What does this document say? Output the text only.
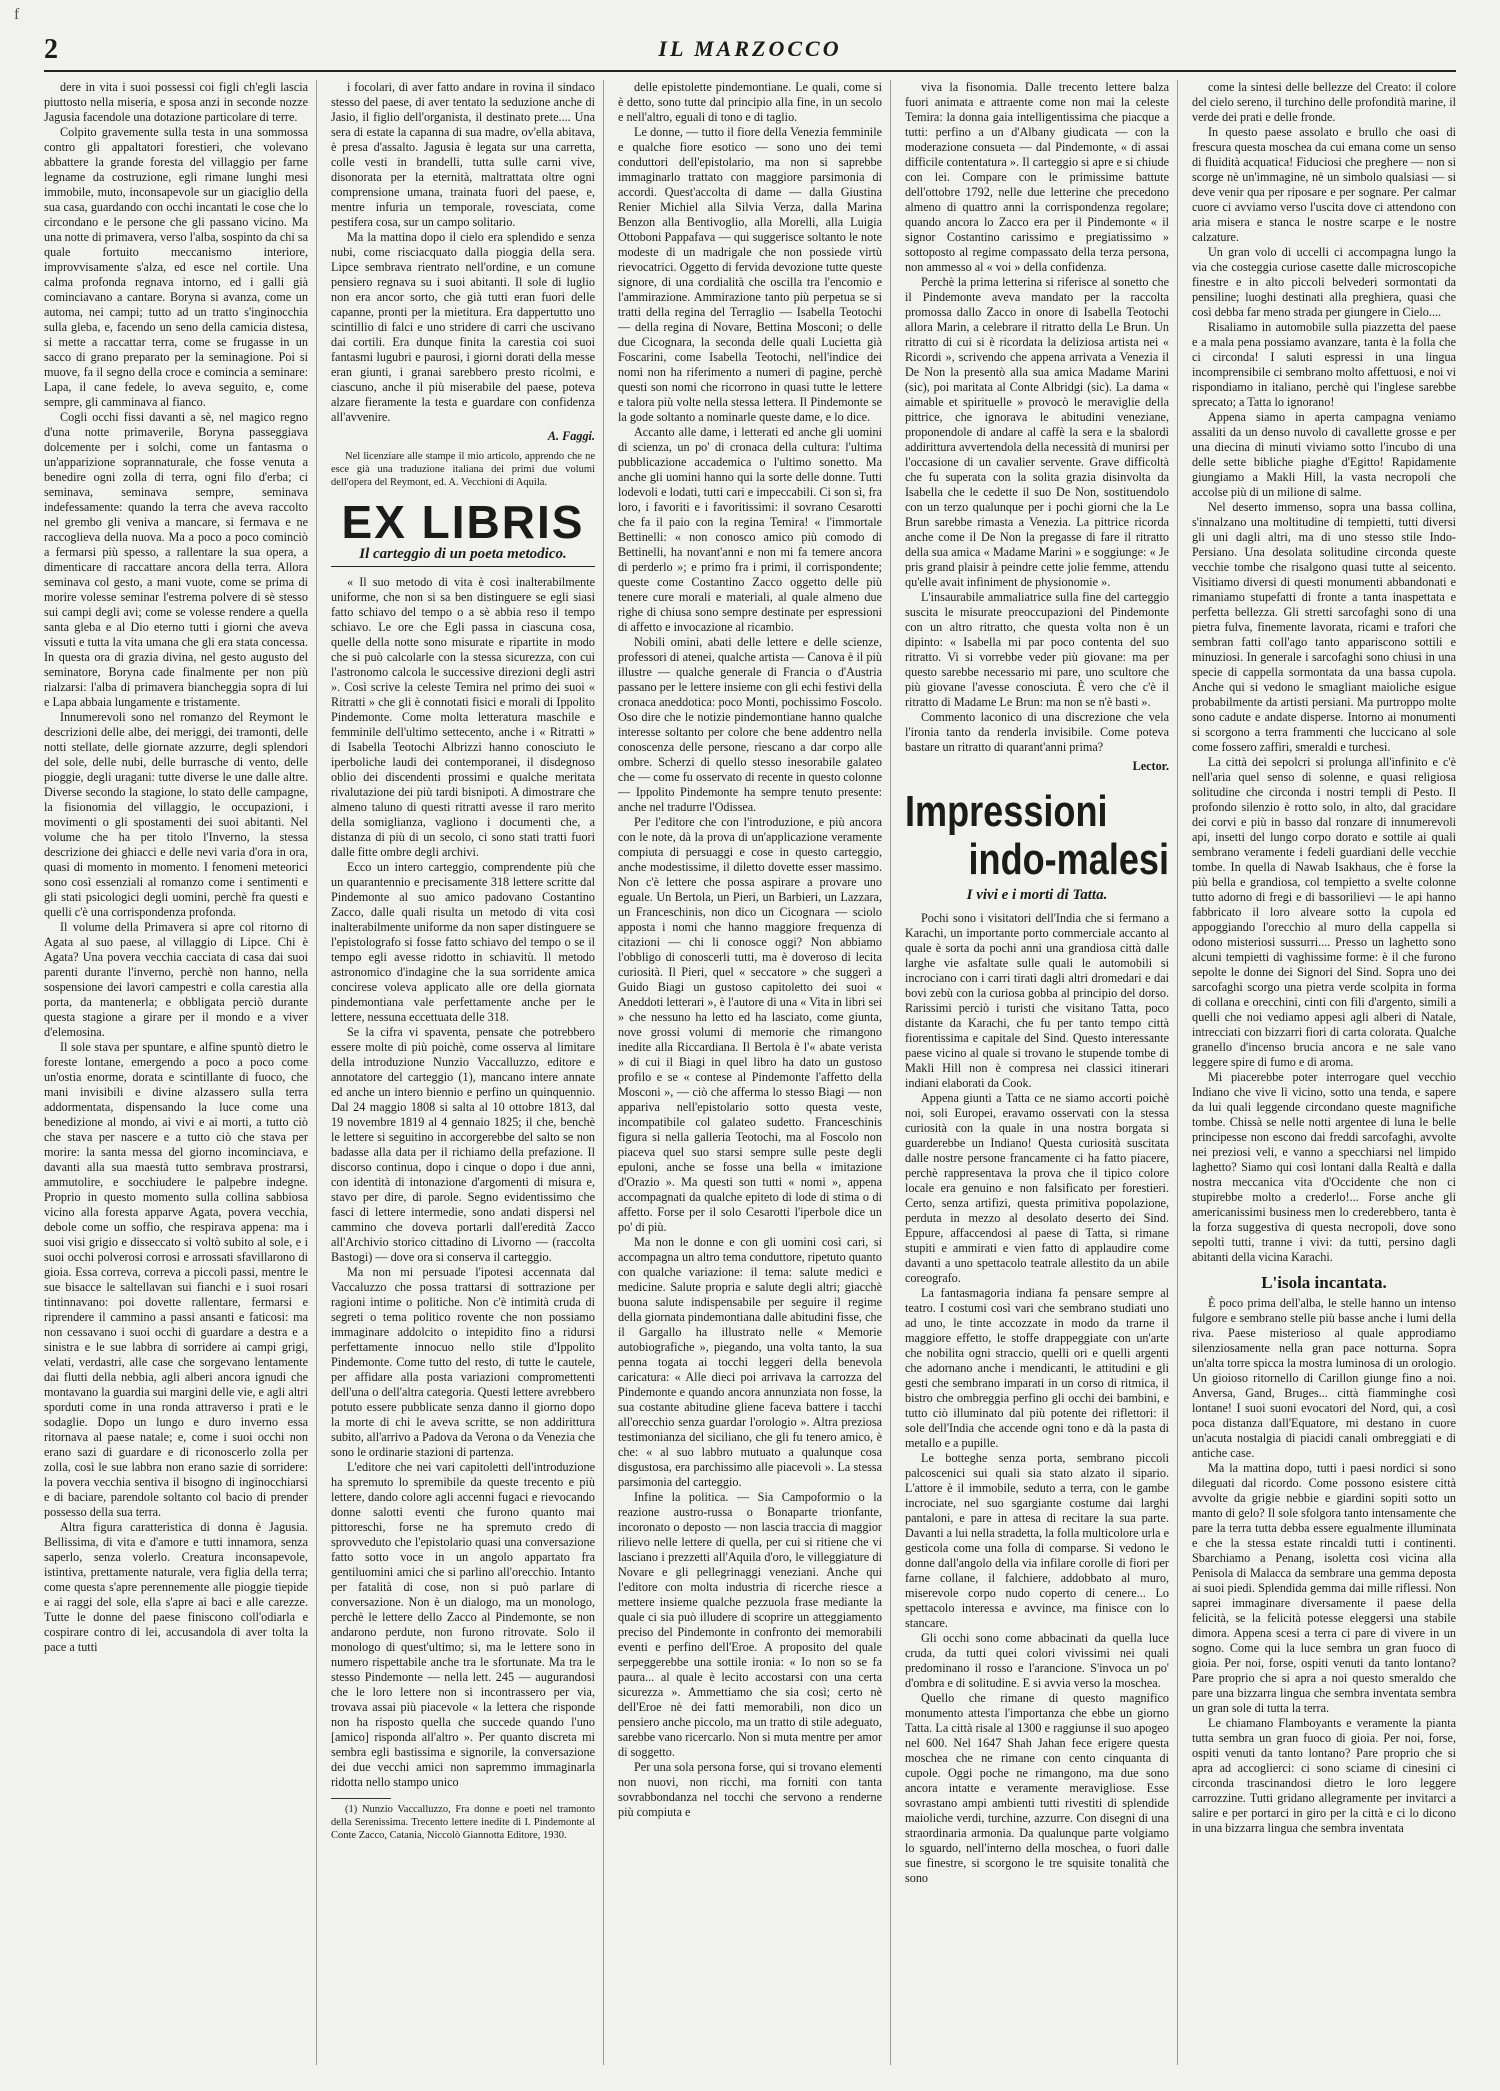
f
2	IL MARZOCCO

dere in vita i suoi possessi coi figli ch'egli lascia piuttosto nella miseria, e sposa anzi in seconde nozze Jagusia facendole una dotazione particolare di terre.

Colpito gravemente sulla testa in una sommossa contro gli appaltatori forestieri, che volevano abbattere la grande foresta del villaggio per farne legname da costruzione, egli rimane lunghi mesi immobile, muto, inconsapevole sur un giaciglio della sua casa, guardando con occhi incantati le cose che lo circondano e le persone che gli passano vicino. Ma una notte di primavera, verso l'alba, sospinto da chi sa quale fortuito meccanismo interiore, improvvisamente s'alza, ed esce nel cortile. Una calma profonda regnava intorno, ed i galli già cominciavano a cantare. Boryna si avanza, come un automa, nei campi; tutto ad un tratto s'inginocchia sulla gleba, e, facendo un seno della camicia distesa, si mette a raccattar terra, come se frugasse in un sacco di grano preparato per la seminagione. Poi si muove, fa il segno della croce e comincia a seminare: Lapa, il cane fedele, lo aveva seguito, e, come sempre, gli camminava al fianco.

Cogli occhi fissi davanti a sè, nel magico regno d'una notte primaverile, Boryna passeggiava dolcemente per i solchi, come un fantasma o un'apparizione soprannaturale, che fosse venuta a benedire ogni zolla di terra, ogni filo d'erba; ci seminava, seminava sempre, seminava indefessamente: quando la terra che aveva raccolto nel grembo gli veniva a mancare, si fermava e ne raccoglieva della nuova. Ma a poco a poco cominciò a fermarsi più spesso, a rallentare la sua opera, a dimenticare di raccattare ancora della terra. Allora seminava col gesto, a mani vuote, come se prima di morire volesse seminar l'estrema polvere di sè stesso sui campi degli avi; come se volesse rendere a quella santa gleba e al Dio eterno tutti i giorni che aveva vissuti e tutta la vita umana che gli era stata concessa. In questa ora di grazia divina, nel gesto augusto del seminatore, Boryna cade finalmente per non più rialzarsi: l'alba di primavera biancheggia sopra di lui e Lapa abbaia lungamente e tristamente.

Innumerevoli sono nel romanzo del Reymont le descrizioni delle albe, dei meriggi, dei tramonti, delle notti stellate, delle giornate azzurre, degli splendori del sole, delle nubi, delle burrasche di vento, delle pioggie, degli uragani: tutte diverse le une dalle altre. Diverse secondo la stagione, lo stato delle campagne, la fisionomia del villaggio, le occupazioni, i movimenti o gli spostamenti dei suoi abitanti. Nel volume che ha per titolo l'Inverno, la stessa descrizione dei ghiacci e delle nevi varia d'ora in ora, quasi di momento in momento. I fenomeni meteorici sono così essenziali al romanzo come i sentimenti e gli stati psicologici degli uomini, perchè fra questi e quelli c'è una corrispondenza profonda.

Il volume della Primavera si apre col ritorno di Agata al suo paese, al villaggio di Lipce. Chi è Agata? Una povera vecchia cacciata di casa dai suoi parenti durante l'inverno, perchè non hanno, nella sospensione dei lavori campestri e colla carestia alla porta, da mantenerla; e obbligata perciò durante questa stagione a girare per il mondo e a viver d'elemosina.

Il sole stava per spuntare, e alfine spuntò dietro le foreste lontane, emergendo a poco a poco come un'ostia enorme, dorata e scintillante di fuoco, che mani invisibili e divine alzassero sulla terra addormentata, dispensando la luce come una benedizione al mondo, ai vivi e ai morti, a tutto ciò che stava per nascere e a tutto ciò che stava per morire: la santa messa del giorno incominciava, e davanti alla sua maestà tutto sembrava prostrarsi, ammutolire, e socchiudere le palpebre indegne. Proprio in questo momento sulla collina sabbiosa vicino alla foresta apparve Agata, povera vecchia, debole come un soffio, che respirava appena: ma i suoi visi grigio e disseccato si voltò subito al sole, e i suoi occhi polverosi corrosi e arrossati sfavillarono di gioia. Essa correva, correva a piccoli passi, mentre le sue bisacce le saltellavan sui fianchi e i suoi rosari tintinnavano: poi dovette rallentare, fermarsi e riprendere il cammino a passi ansanti e faticosi: ma non cessavano i suoi occhi di guardare a destra e a sinistra e le sue labbra di sorridere ai campi grigi, velati, verdastri, alle case che sorgevano lentamente dai flutti della nebbia, agli alberi ancora ignudi che montavano la guardia sui margini delle vie, e agli altri sporduti come in una ronda attraverso i prati e le sodaglie. Dopo un lungo e duro inverno essa ritornava al paese natale; e, come i suoi occhi non erano sazi di guardare e di riconoscerlo zolla per zolla, così le sue labbra non erano sazie di sorridere: la povera vecchia sentiva il bisogno di inginocchiarsi e di baciare, parendole soltanto col bacio di prender possesso della sua terra.

Altra figura caratteristica di donna è Jagusia. Bellissima, di vita e d'amore e tutti innamora, senza saperlo, senza volerlo. Creatura inconsapevole, istintiva, prettamente naturale, vera figlia della terra; come questa s'apre perennemente alle pioggie tiepide e ai raggi del sole, ella s'apre ai baci e alle carezze. Tutte le donne del paese finiscono coll'odiarla e cospirare contro di lei, accusandola di aver tolta la pace a tutti

i focolari, di aver fatto andare in rovina il sindaco stesso del paese, di aver tentato la seduzione anche di Jasio, il figlio dell'organista, il destinato prete.... Una sera di estate la capanna di sua madre, ov'ella abitava, è presa d'assalto. Jagusia è legata sur una carretta, colle vesti in brandelli, tutta sulle carni vive, disonorata per la eternità, maltrattata oltre ogni comprensione umana, trainata fuori del paese, e, mentre infuria un temporale, rovesciata, come pestifera cosa, sur un campo solitario.

Ma la mattina dopo il cielo era splendido e senza nubi, come risciacquato dalla pioggia della sera. Lipce sembrava rientrato nell'ordine, e un comune pensiero regnava su i suoi abitanti. Il sole di luglio non era ancor sorto, che già tutti eran fuori delle capanne, pronti per la mietitura. Era dappertutto uno scintillio di falci e uno stridere di carri che uscivano dai cortili. Era dunque finita la carestia coi suoi fantasmi lugubri e paurosi, i giorni dorati della messe eran giunti, i granai sarebbero presto ricolmi, e ciascuno, anche il più miserabile del paese, poteva alzare fieramente la testa e guardare con confidenza all'avvenire.

A. Faggi.
Nel licenziare alle stampe il mio articolo, apprendo che ne esce già una traduzione italiana dei primi due volumi dell'opera del Reymont, ed. A. Vecchioni di Aquila.
EX LIBRIS
Il carteggio di un poeta metodico.

« Il suo metodo di vita è così inalterabilmente uniforme, che non si sa ben distinguere se egli siasi fatto schiavo del tempo o a sè abbia reso il tempo schiavo. Le ore che Egli passa in ciascuna cosa, quelle della notte sono misurate e ripartite in modo che si può calcolarle con la stessa sicurezza, con cui l'astronomo calcola le successive direzioni degli astri ». Così scrive la celeste Temira nel primo dei suoi « Ritratti » che gli è connotati fisici e morali di Ippolito Pindemonte. Come molta letteratura maschile e femminile dell'ultimo settecento, anche i « Ritratti » di Isabella Teotochi Albrizzi hanno conosciuto le iperboliche laudi dei contemporanei, il disdegnoso oblio dei discendenti prossimi e qualche meritata rivalutazione dei più tardi bisnipoti. A dimostrare che almeno taluno di questi ritratti avesse il raro merito della somiglianza, vagliono i documenti che, a distanza di più di un secolo, ci sono stati tratti fuori dalle fitte ombre degli archivi.

Ecco un intero carteggio, comprendente più che un quarantennio e precisamente 318 lettere scritte dal Pindemonte al suo amico padovano Costantino Zacco, dalle quali risulta un metodo di vita così inalterabilmente uniforme da non saper distinguere se l'epistolografo si fosse fatto schiavo del tempo o se il tempo egli avesse ridotto in schiavitù. Il metodo astronomico d'indagine che la sua sorridente amica concirese voleva applicato alle ore della giornata pindemontiana vale perfettamente anche per le lettere, nessuna eccettuata delle 318.

Se la cifra vi spaventa, pensate che potrebbero essere molte di più poichè, come osserva al limitare della introduzione Nunzio Vaccalluzzo, editore e annotatore del carteggio (1), mancano intere annate ed anche un intero biennio e perfino un quinquennio. Dal 24 maggio 1808 si salta al 10 ottobre 1813, dal 19 novembre 1819 al 4 gennaio 1825; il che, benchè le lettere si seguitino in accorgerebbe del salto se non badasse alla data per il richiamo della prefazione. Il discorso continua, dopo i cinque o dopo i due anni, con identità di intonazione d'argomenti di misura e, stavo per dire, di parole. Segno evidentissimo che fasci di lettere intermedie, sono andati dispersi nel cammino che doveva portarli dall'eredità Zacco all'Archivio storico cittadino di Livorno — (raccolta Bastogi) — dove ora si conserva il carteggio.

Ma non mi persuade l'ipotesi accennata dal Vaccaluzzo che possa trattarsi di sottrazione per ragioni intime o politiche. Non c'è intimità cruda di segreti o tema politico rovente che non possiamo immaginare addolcito o intepidito fino a ridursi perfettamente innocuo nello stile d'Ippolito Pindemonte. Come tutto del resto, di tutte le cautele, per affidare alla posta variazioni compromettenti dell'una o dell'altra categoria. Questi lettere avrebbero potuto essere pubblicate senza danno il giorno dopo la morte di chi le aveva scritte, se non addirittura subito, all'arrivo a Padova da Verona o da Venezia che sono le ordinarie stazioni di partenza.

L'editore che nei vari capitoletti dell'introduzione ha spremuto lo spremibile da queste trecento e più lettere, dando colore agli accenni fugaci e rievocando donne salotti eventi che furono quanto mai pittoreschi, forse ne ha spremuto credo di sprovveduto che l'epistolario quasi una conversazione fatto sotto voce in un angolo appartato fra gentiluomini amici che si parlino all'orecchio. Intanto per fatalità di cose, non si può parlare di conversazione. Non è un dialogo, ma un monologo, perchè le lettere dello Zacco al Pindemonte, se non andarono perdute, non furono ritrovate. Solo il monologo di quest'ultimo; si, ma le lettere sono in numero rispettabile anche tra le sfortunate. Ma tra le stesso Pindemonte — nella lett. 245 — augurandosi che le loro lettere non si incontrassero per via, trovava assai più piacevole « la lettera che risponde non ha risposto quella che succede quando l'uno [amico] risponda all'altro ». Per quanto discreta mi sembra egli bastissima e signorile, la conversazione dei due vecchi amici non sapremmo immaginarla ridotta nello stampo unico

(1) Nunzio Vaccalluzzo, Fra donne e poeti nel tramonto della Serenissima. Trecento lettere inedite di I. Pindemonte al Conte Zacco, Catania, Niccolò Giannotta Editore, 1930.

delle epistolette pindemontiane. Le quali, come si è detto, sono tutte dal principio alla fine, in un secolo e nell'altro, eguali di tono e di taglio.

Le donne, — tutto il fiore della Venezia femminile e qualche fiore esotico — sono uno dei temi conduttori dell'epistolario, ma non si saprebbe immaginarlo trattato con maggiore parsimonia di accordi. Quest'accolta di dame — dalla Giustina Renier Michiel alla Silvia Verza, dalla Marina Benzon alla Bentivoglio, alla Morelli, alla Luigia Ottoboni Pappafava — qui suggerisce soltanto le note modeste di un madrigale che non possiede virtù rievocatrici. Oggetto di fervida devozione tutte queste signore, di una cordialità che oscilla tra l'encomio e l'ammirazione. Ammirazione tanto più perpetua se si tratti della regina del Terraglio — Isabella Teotochi — della regina di Novare, Bettina Mosconi; o delle due Cicognara, la seconda delle quali Lucietta già Foscarini, come Isabella Teotochi, nell'indice dei nomi non ha riferimento a numeri di pagine, perchè questi son nomi che ricorrono in quasi tutte le lettere e talora più volte nella stessa lettera. Il Pindemonte se la gode soltanto a nominarle queste dame, e lo dice.

Accanto alle dame, i letterati ed anche gli uomini di scienza, un po' di cronaca della cultura: l'ultima pubblicazione accademica o l'ultimo sonetto. Ma anche gli uomini hanno qui la sorte delle donne. Tutti lodevoli e lodati, tutti cari e impeccabili. Ci son sì, fra loro, i favoriti e i favoritissimi: il sovrano Cesarotti che fa il paio con la regina Temira! « l'immortale Bettinelli: « non conosco amico più comodo di Bettinelli, ha novant'anni e non mi fa temere ancora di perderlo »; e primo fra i primi, il corrispondente; queste come Costantino Zacco oggetto delle più tenere cure morali e materiali, al quale almeno due righe di chiusa sono sempre destinate per espressioni di affetto e invocazione al ricambio.

Nobili omini, abati delle lettere e delle scienze, professori di atenei, qualche artista — Canova è il più illustre — qualche generale di Francia o d'Austria passano per le lettere insieme con gli echi festivi della cronaca aneddotica: poco Monti, pochissimo Foscolo. Oso dire che le notizie pindemontiane hanno qualche interesse soltanto per colore che bene addentro nella conoscenza delle persone, riescano a dar corpo alle ombre. Scherzi di quello stesso inesorabile galateo che — come fu osservato di recente in questo colonne — Ippolito Pindemonte ha sempre tenuto presente: anche nel tradurre l'Odissea.

Per l'editore che con l'introduzione, e più ancora con le note, dà la prova di un'applicazione veramente compiuta di persuaggi e cose in questo carteggio, anche modestissime, il diletto dovette esser massimo. Non c'è lettere che possa aspirare a provare uno eguale. Un Bertola, un Pieri, un Barbieri, un Lazzara, un Franceschinis, non dico un Cicognara — sciolo apposta i nomi che hanno maggiore frequenza di citazioni — chi li conosce oggi? Non abbiamo l'obbligo di conoscerli tutti, ma è doveroso di lecita curiosità. Il Pieri, quel « seccatore » che suggerì a Guido Biagi un gustoso capitoletto dei suoi « Aneddoti letterari », è l'autore di una « Vita in libri sei » che nessuno ha letto ed ha lasciato, come giunta, nove grossi volumi di memorie che rimangono inedite alla Riccardiana. Il Bertola è l'« abate verista » di cui il Biagi in quel libro ha dato un gustoso profilo e se « contese al Pindemonte l'affetto della Mosconi », — ciò che afferma lo stesso Biagi — non appariva nell'epistolario sotto questa veste, incompatibile col galateo sudetto. Franceschinis figura si nella galleria Teotochi, ma al Foscolo non piaceva quel suo starsi sempre sulle peste degli epuloni, anche se fosse una bella « imitazione d'Orazio ». Ma questi son tutti « nomi », appena accompagnati da qualche epiteto di lode di stima o di affetto. Forse per il solo Cesarotti l'iperbole dice un po' di più.

Ma non le donne e con gli uomini così cari, si accompagna un altro tema conduttore, ripetuto quanto con qualche variazione: il tema: salute medici e medicine. Salute propria e salute degli altri; giacchè buona salute indispensabile per seguire il regime della giornata pindemontiana dalle abitudini fisse, che il Gargallo ha illustrato nelle « Memorie autobiografiche », piegando, una volta tanto, la sua penna togata ai tocchi leggeri della benevola caricatura: « Alle dieci poi arrivava la carrozza del Pindemonte e quando ancora annunziata non fosse, la sua costante abitudine gliene faceva battere i tacchi all'orecchio senza guardar l'orologio ». Altra preziosa testimonianza del siciliano, che gli fu tenero amico, è che: « al suo labbro mutuato a qualunque cosa disgustosa, era parchissimo alle piacevoli ». La stessa parsimonia del carteggio.

Infine la politica. — Sia Campoformio o la reazione austro-russa o Bonaparte trionfante, incoronato o deposto — non lascia traccia di maggior rilievo nelle lettere di quella, per cui si ritiene che vi lasciano i prezzetti all'Aquila d'oro, le villeggiature di Novare e gli pellegrinaggi veneziani. Anche qui l'editore con molta industria di ricerche riesce a mettere insieme qualche pezzuola frase mediante la quale ci sia può illudere di scoprire un atteggiamento preciso del Pindemonte in confronto dei memorabili eventi e perfino dell'Eroe. A proposito del quale serpeggerebbe una sottile ironia: « Io non so se fa paura... al quale è lecito accostarsi con una certa sicurezza ». Ammettiamo che sia così; certo nè dell'Eroe nè dei fatti memorabili, non dico un pensiero anche piccolo, ma un tratto di stile adeguato, sarebbe vano ricercarlo. Non si muta mentre per amor di soggetto.

Per una sola persona forse, qui si trovano elementi non nuovi, non ricchi, ma forniti con tanta sovrabbondanza nel tocchi che servono a renderne più compiuta e

viva la fisonomia. Dalle trecento lettere balza fuori animata e attraente come non mai la celeste Temira: la donna gaia intelligentissima che piacque a tutti: perfino a un d'Albany giudicata — con la moderazione consueta — dal Pindemonte, « di assai difficile contentatura ». Il carteggio si apre e si chiude con lei. Compare con le primissime battute dell'ottobre 1792, nelle due letterine che precedono almeno di quattro anni la corrispondenza regolare; quando ancora lo Zacco era per il Pindemonte « il signor Costantino carissimo e pregiatissimo » sottoposto al regime compassato della terza persona, non ammesso al « voi » della confidenza.

Perchè la prima letterina si riferisce al sonetto che il Pindemonte aveva mandato per la raccolta promossa dallo Zacco in onore di Isabella Teotochi allora Marin, a celebrare il ritratto della Le Brun. Un ritratto di cui si è ricordata la deliziosa artista nei « Ricordi », scrivendo che appena arrivata a Venezia il De Non la presentò alla sua amica Madame Marini (sic), poi maritata al Conte Albridgi (sic). La dama « aimable et spirituelle » provocò le meraviglie della pittrice, che ignorava le abitudini veneziane, proponendole di andare al caffè la sera e la sbalordì addirittura avvertendola della necessità di munirsi per l'occasione di un cavalier servente. Grave difficoltà che fu superata con la solita grazia disinvolta da Isabella che le cedette il suo De Non, sostituendolo con un terzo qualunque per i pochi giorni che la Le Brun sarebbe rimasta a Venezia. La pittrice ricorda anche come il De Non la pregasse di fare il ritratto della sua amica « Madame Marini » e soggiunge: « Je pris grand plaisir à peindre cette jolie femme, attendu qu'elle avait infiniment de physionomie ».

L'insaurabile ammaliatrice sulla fine del carteggio suscita le misurate preoccupazioni del Pindemonte con un altro ritratto, che questa volta non è un dipinto: « Isabella mi par poco contenta del suo ritratto. Vi si vorrebbe veder più giovane: ma per questo sarebbe necessario mi pare, uno scultore che più giovane l'avesse conosciuta. È vero che c'è il ritratto di Madame Le Brun: ma non se n'è basti ».

Commento laconico di una discrezione che vela l'ironia tanto da renderla invisibile. Come poteva bastare un ritratto di quarant'anni prima?

Lector.
Impressioni
indo-malesi
I vivi e i morti di Tatta.

Pochi sono i visitatori dell'India che si fermano a Karachi, un importante porto commerciale accanto al quale è sorta da pochi anni una grandiosa città dalle larghe vie asfaltate sulle quali le automobili si incrociano con i carri tirati dagli altri dromedari e dai bovi zebù con la curiosa gobba al principio del dorso. Rarissimi perciò i turisti che visitano Tatta, poco distante da Karachi, che fu per tanto tempo città fiorentissima e capitale del Sind. Questo interessante paese vicino al quale si trovano le stupende tombe di Makli Hill non è compresa nei classici itinerari indiani elaborati da Cook.

Appena giunti a Tatta ce ne siamo accorti poichè noi, soli Europei, eravamo osservati con la stessa curiosità con la quale in una nostra borgata si guarderebbe un Indiano! Questa curiosità suscitata dalle nostre persone francamente ci ha fatto piacere, perchè rappresentava la prova che il tipico colore locale era genuino e non falsificato per forestieri. Certo, senza artifizi, questa primitiva popolazione, perduta in mezzo al desolato deserto dei Sind. Eppure, affaccendosi al paese di Tatta, si rimane stupiti e ammirati e vien fatto di applaudire come davanti a uno spettacolo teatrale allestito da un abile coreografo.

La fantasmagoria indiana fa pensare sempre al teatro. I costumi così vari che sembrano studiati uno ad uno, le tinte accozzate in modo da trarne il maggiore effetto, le stoffe drappeggiate con un'arte che nobilita ogni straccio, quelli ori e quelli argenti che adornano anche i mendicanti, le attitudini e gli gesti che sembrano imparati in un corso di ritmica, il bistro che ombreggia perfino gli occhi dei bambini, e tutto ciò illuminato dal più potente dei riflettori: il sole dell'India che accende ogni tono e dà la pasta di metallo e a pupille.

Le botteghe senza porta, sembrano piccoli palcoscenici sui quali sia stato alzato il sipario. L'attore è il immobile, seduto a terra, con le gambe incrociate, nel suo sgargiante costume dai larghi pantaloni, e pare in attesa di recitare la sua parte. Davanti a lui nella stradetta, la folla multicolore urla e gesticola come una folla di comparse. Si vedono le donne dall'angolo della via infilare corolle di fiori per farne collane, il falchiere, addobbato al muro, miserevole corpo nudo coperto di cenere... Lo spettacolo interessa e avvince, ma finisce con lo stancare.

Gli occhi sono come abbacinati da quella luce cruda, da tutti quei colori vivissimi nei quali predominano il rosso e l'arancione. S'invoca un po' d'ombra e di solitudine. E si avvia verso la moschea.

Quello che rimane di questo magnifico monumento attesta l'importanza che ebbe un giorno Tatta. La città risale al 1300 e raggiunse il suo apogeo nel 600. Nel 1647 Shah Jahan fece erigere questa moschea che ne rimane con cento cinquanta di cupole. Oggi poche ne rimangono, ma due sono ancora intatte e veramente meravigliose. Esse sovrastano ampi ambienti tutti rivestiti di splendide maioliche verdi, turchine, azzurre. Con disegni di una straordinaria armonia. Da qualunque parte volgiamo lo sguardo, nell'interno della moschea, o fuori dalle sue finestre, si scorgono le tre squisite tonalità che sono

come la sintesi delle bellezze del Creato: il colore del cielo sereno, il turchino delle profondità marine, il verde dei prati e delle fronde.

In questo paese assolato e brullo che oasi di frescura questa moschea da cui emana come un senso di fluidità acquatica! Fiduciosi che preghere — non si scorge nè un'immagine, nè un simbolo qualsiasi — si deve venir qua per riposare e per sognare. Per calmar cuore ci avviamo verso l'uscita dove ci attendono con aria misera e stanca le nostre scarpe e le nostre calzature.

Un gran volo di uccelli ci accompagna lungo la via che costeggia curiose casette dalle microscopiche finestre e in alto piccoli belvederi sormontati da pensiline; luoghi destinati alla preghiera, quasi che così debba far meno strada per giungere in Cielo....

Risaliamo in automobile sulla piazzetta del paese e a mala pena possiamo avanzare, tanta è la folla che ci circonda! I saluti espressi in una lingua incomprensibile ci sembrano molto affettuosi, e noi vi rispondiamo in italiano, perchè qui l'inglese sarebbe sprecato; a Tatta lo ignorano!

Appena siamo in aperta campagna veniamo assaliti da un denso nuvolo di cavallette grosse e per una diecina di minuti viviamo sotto l'incubo di una delle sette bibliche piaghe d'Egitto! Rapidamente giungiamo a Makli Hill, la vasta necropoli che accolse più di un milione di salme.

Nel deserto immenso, sopra una bassa collina, s'innalzano una moltitudine di tempietti, tutti diversi gli uni dagli altri, ma di uno stesso stile Indo-Persiano. Una desolata solitudine circonda queste vecchie tombe che risalgono quasi tutte al seicento. Visitiamo diversi di questi monumenti abbandonati e rimaniamo stupefatti di fronte a tanta inaspettata e perfetta bellezza. Gli stretti sarcofaghi sono di una pietra fulva, finemente lavorata, ricami e trafori che sembran fatti coll'ago tanto appariscono sottili e minuziosi. In generale i sarcofaghi sono chiusi in una specie di cappella sormontata da una bassa cupola. Anche qui si vedono le smagliant maioliche esigue probabilmente da artisti persiani. Ma purtroppo molte sono cadute e andate disperse. Intorno ai monumenti si scorgono a terra frammenti che luccicano al sole come fossero zaffiri, smeraldi e turchesi.

La città dei sepolcri si prolunga all'infinito e c'è nell'aria quel senso di solenne, e quasi religiosa solitudine che circonda i nostri templi di Pesto. Il profondo silenzio è rotto solo, in alto, dal gracidare dei corvi e più in basso dal ronzare di innumerevoli api, insetti del lungo corpo dorato e sottile ai quali sembrano veramente i fedeli guardiani delle vecchie tombe. In quella di Nawab Isakhaus, che è forse la più bella e grandiosa, col tempietto a svelte colonne tutto adorno di fregi e di bassorilievi — le api hanno fabbricato il loro alveare sotto la cupola ed appoggiando l'orecchio al muro della cappella si odono misteriosi sussurri.... Presso un laghetto sono alcuni tempietti di vaghissime forme: è il che furono sepolte le donne dei Signori del Sind. Sopra uno dei sarcofaghi scorgo una pietra verde scolpita in forma di collana e orecchini, cinti con fili d'argento, simili a quelli che noi vediamo appesi agli alberi di Natale, intrecciati con bizzarri fiori di carta colorata. Qualche granello d'incenso brucia ancora e ne sale vano leggere spire di fumo e di aroma.

Mi piacerebbe poter interrogare quel vecchio Indiano che vive lì vicino, sotto una tenda, e sapere da lui quali leggende circondano queste magnifiche tombe. Chissà se nelle notti argentee di luna le belle principesse non escono dai freddi sarcofaghi, avvolte nei preziosi veli, e vanno a specchiarsi nel limpido laghetto? Siamo qui così lontani dalla Realtà e dalla nostra meccanica vita d'Occidente che non ci stupirebbe molto a crederlo!... Forse anche gli americanissimi business men lo crederebbero, tanta è la forza suggestiva di questa necropoli, dove sono sepolti tutti, tranne i vivi: da tutti, persino dagli abitanti della vicina Karachi.

L'isola incantata.

È poco prima dell'alba, le stelle hanno un intenso fulgore e sembrano stelle più basse anche i lumi della riva. Paese misterioso al quale approdiamo silenziosamente nella gran pace notturna. Sopra un'alta torre spicca la mostra luminosa di un orologio. Un gioioso ritornello di Carillon giunge fino a noi. Anversa, Gand, Bruges... città fiamminghe così lontane! I suoi suoni evocatori del Nord, qui, a così poca distanza dall'Equatore, mi destano in cuore un'acuta nostalgia di piacidi canali ombreggiati e di antiche case.

Ma la mattina dopo, tutti i paesi nordici si sono dileguati dal ricordo. Come possono esistere città avvolte da grigie nebbie e giardini sopiti sotto un manto di gelo? Il sole sfolgora tanto intensamente che pare la terra tutta debba essere egualmente illuminata e che la stessa estate rincaldi tutti i continenti. Sbarchiamo a Penang, isoletta così vicina alla Penisola di Malacca da sembrare una gemma deposta ai suoi piedi. Splendida gemma dai mille riflessi. Non saprei immaginare diversamente il paese della felicità, se la felicità potesse eleggersi una stabile dimora. Appena scesi a terra ci pare di vivere in un sogno. Come qui la luce sembra un gran fuoco di gioia. Per noi, forse, ospiti venuti da tanto lontano? Pare proprio che si apra a noi questo smeraldo che pare una bizzarra lingua che sembra inventata sembra un gran sole di tutta la terra.

Le chiamano Flamboyants e veramente la pianta tutta sembra un gran fuoco di gioia. Per noi, forse, ospiti venuti da tanto lontano? Pare proprio che si apra ad accoglierci: ci sono sciame di cinesini ci circonda trascinandosi dietro le loro leggere carrozzine. Tutti gridano allegramente per invitarci a salire e per portarci in giro per la città e ci lo dicono in una bizzarra lingua che sembra inventata
